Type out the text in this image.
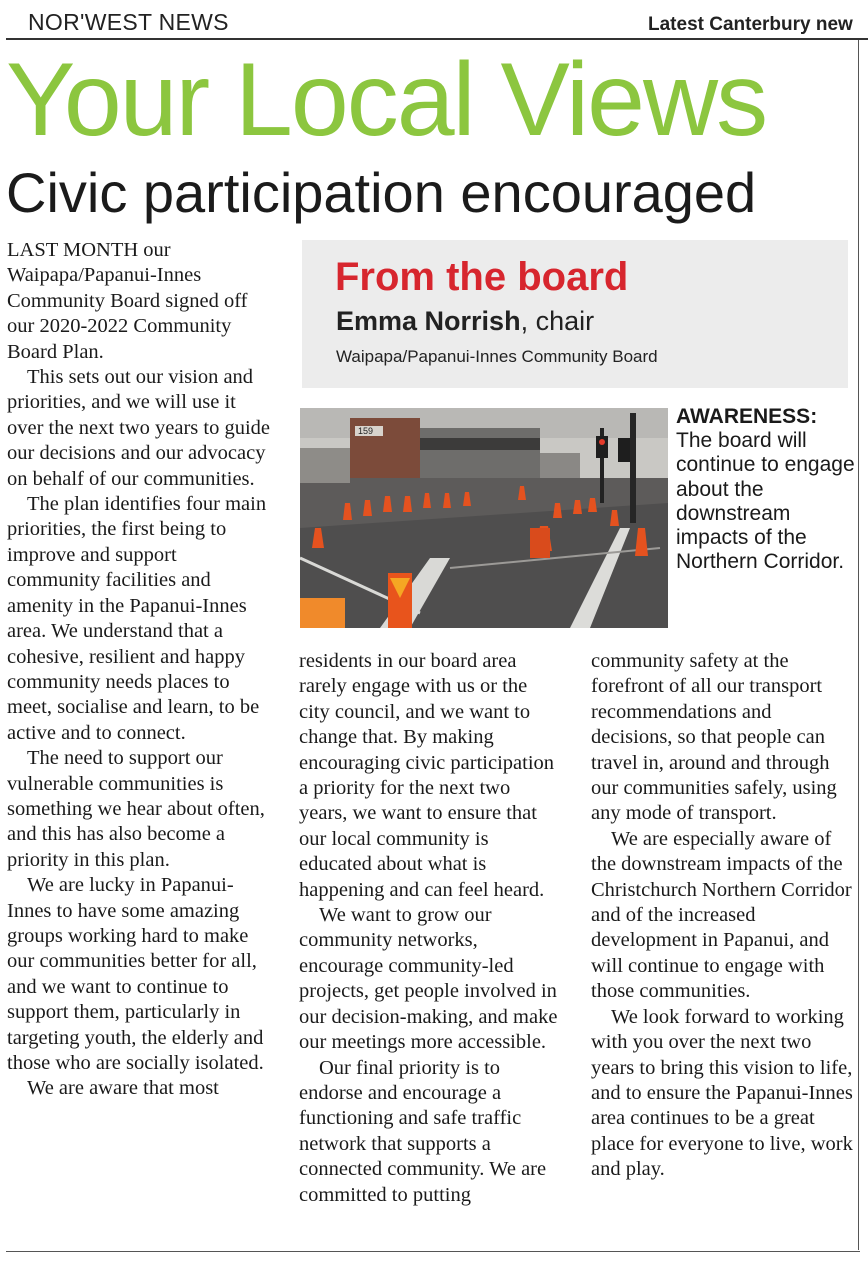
NOR'WEST NEWS	Latest Canterbury new
Your Local Views
Civic participation encouraged

LAST MONTH our Waipapa/Papanui-Innes Community Board signed off our 2020-2022 Community Board Plan.

This sets out our vision and priorities, and we will use it over the next two years to guide our decisions and our advocacy on behalf of our communities.

The plan identifies four main priorities, the first being to improve and support community facilities and amenity in the Papanui-Innes area. We understand that a cohesive, resilient and happy community needs places to meet, socialise and learn, to be active and to connect.

The need to support our vulnerable communities is something we hear about often, and this has also become a priority in this plan.

We are lucky in Papanui-Innes to have some amazing groups working hard to make our communities better for all, and we want to continue to support them, particularly in targeting youth, the elderly and those who are socially isolated.

We are aware that most

From the board
Emma Norrish, chair
Waipapa/Papanui-Innes Community Board
159
AWARENESS: The board will continue to engage about the downstream impacts of the Northern Corridor.

residents in our board area rarely engage with us or the city council, and we want to change that. By making encouraging civic participation a priority for the next two years, we want to ensure that our local community is educated about what is happening and can feel heard.

We want to grow our community networks, encourage community-led projects, get people involved in our decision-making, and make our meetings more accessible.

Our final priority is to endorse and encourage a functioning and safe traffic network that supports a connected community. We are committed to putting

community safety at the forefront of all our transport recommendations and decisions, so that people can travel in, around and through our communities safely, using any mode of transport.

We are especially aware of the downstream impacts of the Christchurch Northern Corridor and of the increased development in Papanui, and will continue to engage with those communities.

We look forward to working with you over the next two years to bring this vision to life, and to ensure the Papanui-Innes area continues to be a great place for everyone to live, work and play.
